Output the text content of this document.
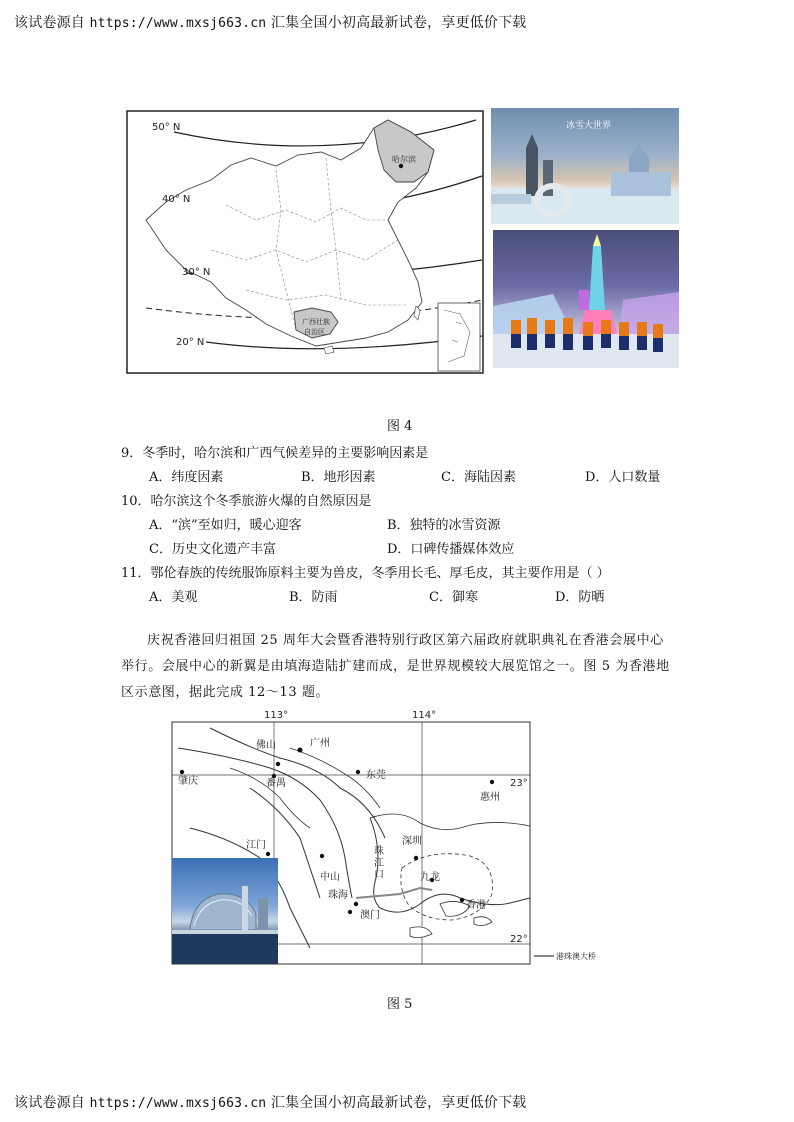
该试卷源自 https://www.mxsj663.cn 汇集全国小初高最新试卷，享更低价下载
50° N
40° N
30° N
20° N
哈尔滨
广西壮族
自治区
冰雪大世界
图 4
9．冬季时，哈尔滨和广西气候差异的主要影响因素是
A．纬度因素	B．地形因素	C．海陆因素	D．人口数量
10．哈尔滨这个冬季旅游火爆的自然原因是
A．“滨”至如归，暖心迎客	B．独特的冰雪资源
C．历史文化遗产丰富	D．口碑传播媒体效应
11．鄂伦春族的传统服饰原料主要为兽皮，冬季用长毛、厚毛皮，其主要作用是（ ）
A．美观	B．防雨	C．御寒	D．防晒
庆祝香港回归祖国 25 周年大会暨香港特别行政区第六届政府就职典礼在香港会展中心举行。会展中心的新翼是由填海造陆扩建而成，是世界规模较大展览馆之一。图 5 为香港地区示意图，据此完成 12～13 题。
113°	114°
23°
22°
佛山	广州
肇庆	番禺
东莞
惠州
江门	深圳
珠
江
口
中山	九龙
珠海
香港
澳门
港珠澳大桥
图 5
该试卷源自 https://www.mxsj663.cn 汇集全国小初高最新试卷，享更低价下载
